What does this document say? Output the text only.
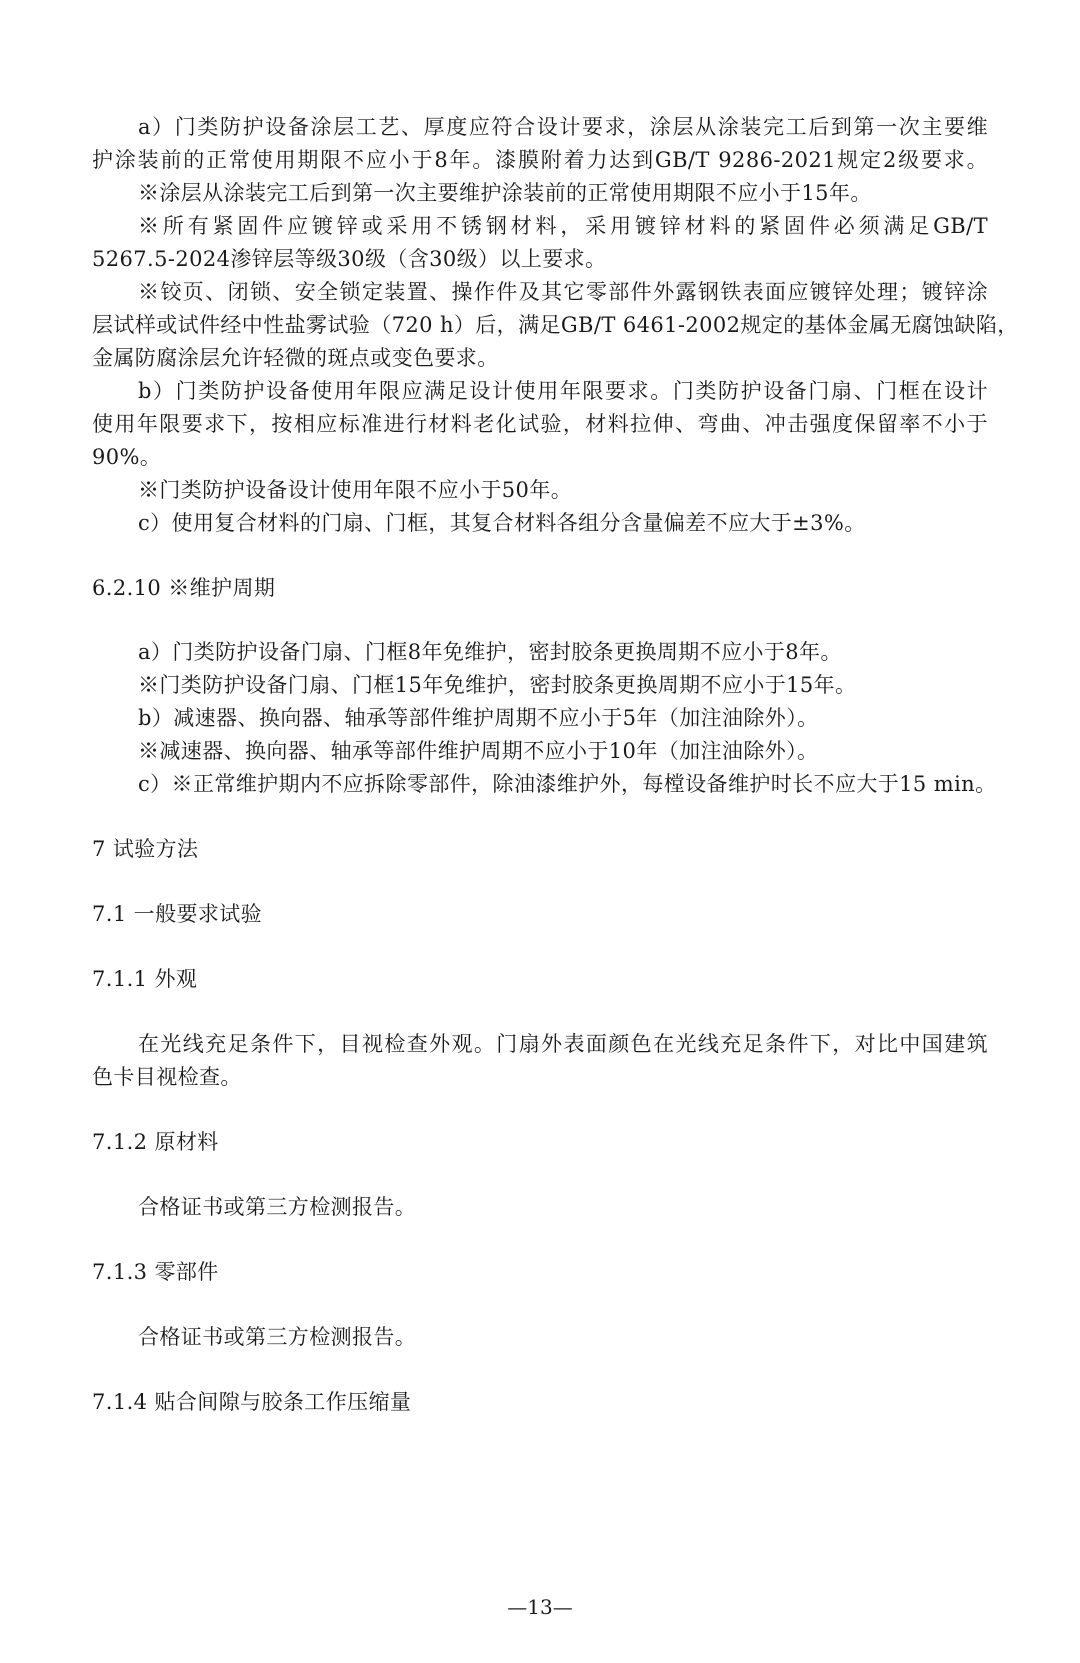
a）门类防护设备涂层工艺、厚度应符合设计要求，涂层从涂装完工后到第一次主要维
护涂装前的正常使用期限不应小于8年。漆膜附着力达到GB/T 9286-2021规定2级要求。
※涂层从涂装完工后到第一次主要维护涂装前的正常使用期限不应小于15年。
※所有紧固件应镀锌或采用不锈钢材料，采用镀锌材料的紧固件必须满足GB/T
5267.5-2024渗锌层等级30级（含30级）以上要求。
※铰页、闭锁、安全锁定装置、操作件及其它零部件外露钢铁表面应镀锌处理；镀锌涂
层试样或试件经中性盐雾试验（720 h）后，满足GB/T 6461-2002规定的基体金属无腐蚀缺陷，
金属防腐涂层允许轻微的斑点或变色要求。
b）门类防护设备使用年限应满足设计使用年限要求。门类防护设备门扇、门框在设计
使用年限要求下，按相应标准进行材料老化试验，材料拉伸、弯曲、冲击强度保留率不小于
90%。
※门类防护设备设计使用年限不应小于50年。
c）使用复合材料的门扇、门框，其复合材料各组分含量偏差不应大于±3%。
6.2.10 ※维护周期
a）门类防护设备门扇、门框8年免维护，密封胶条更换周期不应小于8年。
※门类防护设备门扇、门框15年免维护，密封胶条更换周期不应小于15年。
b）减速器、换向器、轴承等部件维护周期不应小于5年（加注油除外）。
※减速器、换向器、轴承等部件维护周期不应小于10年（加注油除外）。
c）※正常维护期内不应拆除零部件，除油漆维护外，每樘设备维护时长不应大于15 min。
7 试验方法
7.1 一般要求试验
7.1.1 外观
在光线充足条件下，目视检查外观。门扇外表面颜色在光线充足条件下，对比中国建筑
色卡目视检查。
7.1.2 原材料
合格证书或第三方检测报告。
7.1.3 零部件
合格证书或第三方检测报告。
7.1.4 贴合间隙与胶条工作压缩量
—13—
